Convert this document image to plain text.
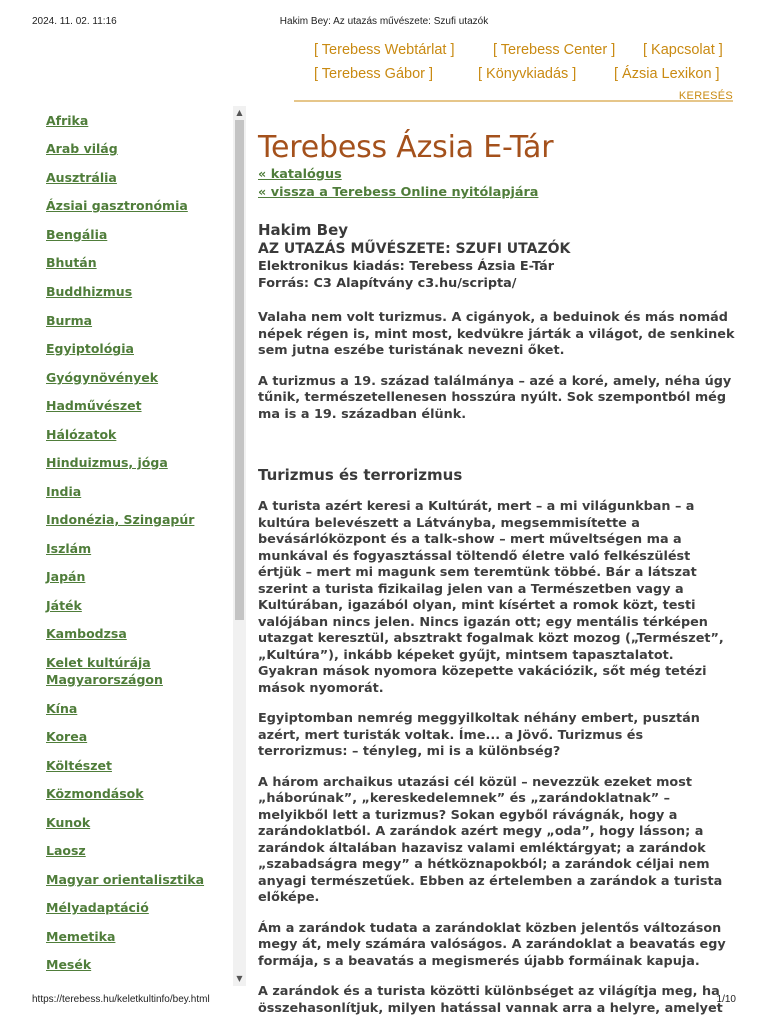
2024. 11. 02. 11:16	Hakim Bey: Az utazás művészete: Szufi utazók
[ Terebess Webtárlat ]	[ Terebess Center ] [ Kapcsolat ]
[ Terebess Gábor ]	[ Könyvkiadás ]	[ Ázsia Lexikon ]
KERESÉS
Afrika
Arab világ
Ausztrália
Ázsiai gasztronómia
Bengália
Bhután
Buddhizmus
Burma
Egyiptológia
Gyógynövények
Hadművészet
Hálózatok
Hinduizmus, jóga
India
Indonézia, Szingapúr
Iszlám
Japán
Játék
Kambodzsa
Kelet kultúrája Magyarországon
Kína
Korea
Költészet
Közmondások
Kunok
Laosz
Magyar orientalisztika
Mélyadaptáció
Memetika
Mesék
▲
▼
Terebess Ázsia E-Tár
« katalógus
« vissza a Terebess Online nyitólapjára
Hakim Bey
AZ UTAZÁS MŰVÉSZETE: SZUFI UTAZÓK
Elektronikus kiadás: Terebess Ázsia E-Tár
Forrás: C3 Alapítvány c3.hu/scripta/

Valaha nem volt turizmus. A cigányok, a beduinok és más nomád népek régen is, mint most, kedvükre járták a világot, de senkinek sem jutna eszébe turistának nevezni őket.

A turizmus a 19. század találmánya – azé a koré, amely, néha úgy tűnik, természetellenesen hosszúra nyúlt. Sok szempontból még ma is a 19. században élünk.

Turizmus és terrorizmus

A turista azért keresi a Kultúrát, mert – a mi világunkban – a kultúra belevészett a Látványba, megsemmisítette a bevásárlóközpont és a talk-show – mert műveltségen ma a munkával és fogyasztással töltendő életre való felkészülést értjük – mert mi magunk sem teremtünk többé. Bár a látszat szerint a turista fizikailag jelen van a Természetben vagy a Kultúrában, igazából olyan, mint kísértet a romok közt, testi valójában nincs jelen. Nincs igazán ott; egy mentális térképen utazgat keresztül, absztrakt fogalmak közt mozog („Természet”, „Kultúra”), inkább képeket gyűjt, mintsem tapasztalatot. Gyakran mások nyomora közepette vakációzik, sőt még tetézi mások nyomorát.

Egyiptomban nemrég meggyilkoltak néhány embert, pusztán azért, mert turisták voltak. Íme... a Jövő. Turizmus és terrorizmus: – tényleg, mi is a különbség?

A három archaikus utazási cél közül – nevezzük ezeket most „háborúnak”, „kereskedelemnek” és „zarándoklatnak” – melyikből lett a turizmus? Sokan egyből rávágnák, hogy a zarándoklatból. A zarándok azért megy „oda”, hogy lásson; a zarándok általában hazavisz valami emléktárgyat; a zarándok „szabadságra megy” a hétköznapokból; a zarándok céljai nem anyagi természetűek. Ebben az értelemben a zarándok a turista előképe.

Ám a zarándok tudata a zarándoklat közben jelentős változáson megy át, mely számára valóságos. A zarándoklat a beavatás egy formája, s a beavatás a megismerés újabb formáinak kapuja.

A zarándok és a turista közötti különbséget az világítja meg, ha összehasonlítjuk, milyen hatással vannak arra a helyre, amelyet

https://terebess.hu/keletkultinfo/bey.html	1/10
